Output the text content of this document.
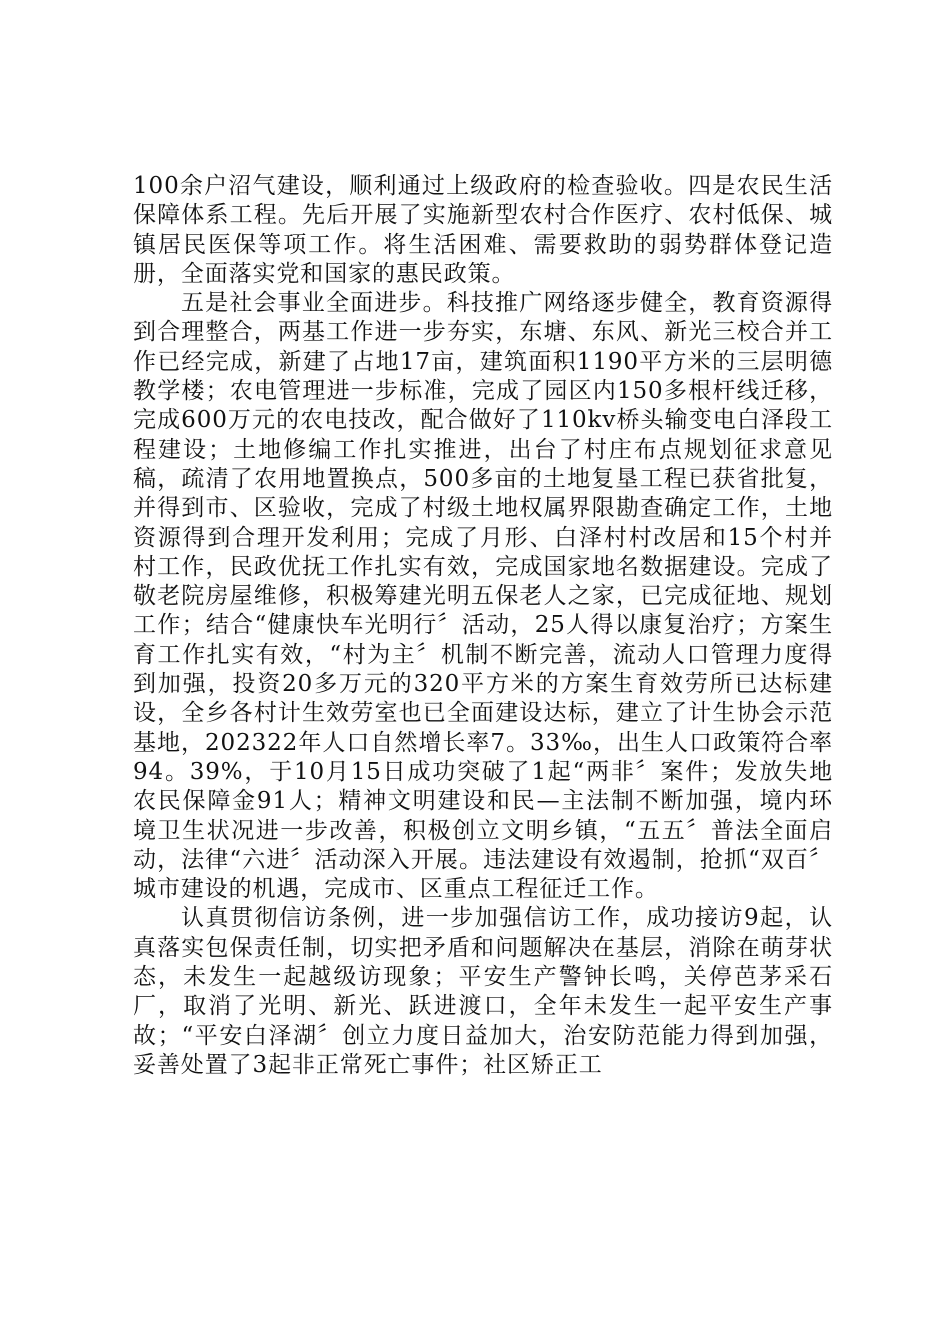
100余户沼气建设，顺利通过上级政府的检查验收。四是农民生活保障体系工程。先后开展了实施新型农村合作医疗、农村低保、城镇居民医保等项工作。将生活困难、需要救助的弱势群体登记造册，全面落实党和国家的惠民政策。

五是社会事业全面进步。科技推广网络逐步健全，教育资源得到合理整合，两基工作进一步夯实，东塘、东风、新光三校合并工作已经完成，新建了占地17亩，建筑面积1190平方米的三层明德教学楼；农电管理进一步标准，完成了园区内150多根杆线迁移，完成600万元的农电技改，配合做好了110kv桥头输变电白泽段工程建设；土地修编工作扎实推进，出台了村庄布点规划征求意见稿，疏清了农用地置换点，500多亩的土地复垦工程已获省批复，并得到市、区验收，完成了村级土地权属界限勘查确定工作，土地资源得到合理开发利用；完成了月形、白泽村村改居和15个村并村工作，民政优抚工作扎实有效，完成国家地名数据建设。完成了敬老院房屋维修，积极筹建光明五保老人之家，已完成征地、规划工作；结合“健康快车光明行〞活动，25人得以康复治疗；方案生育工作扎实有效，“村为主〞机制不断完善，流动人口管理力度得到加强，投资20多万元的320平方米的方案生育效劳所已达标建设，全乡各村计生效劳室也已全面建设达标，建立了计生协会示范基地，202322年人口自然增长率7。33‰，出生人口政策符合率94。39%，于10月15日成功突破了1起“两非〞案件；发放失地农民保障金91人；精神文明建设和民—主法制不断加强，境内环境卫生状况进一步改善，积极创立文明乡镇，“五五〞普法全面启动，法律“六进〞活动深入开展。违法建设有效遏制，抢抓“双百〞城市建设的机遇，完成市、区重点工程征迁工作。

认真贯彻信访条例，进一步加强信访工作，成功接访9起，认真落实包保责任制，切实把矛盾和问题解决在基层，消除在萌芽状态，未发生一起越级访现象；平安生产警钟长鸣，关停芭茅采石厂，取消了光明、新光、跃进渡口，全年未发生一起平安生产事故；“平安白泽湖〞创立力度日益加大，治安防范能力得到加强，妥善处置了3起非正常死亡事件；社区矫正工
